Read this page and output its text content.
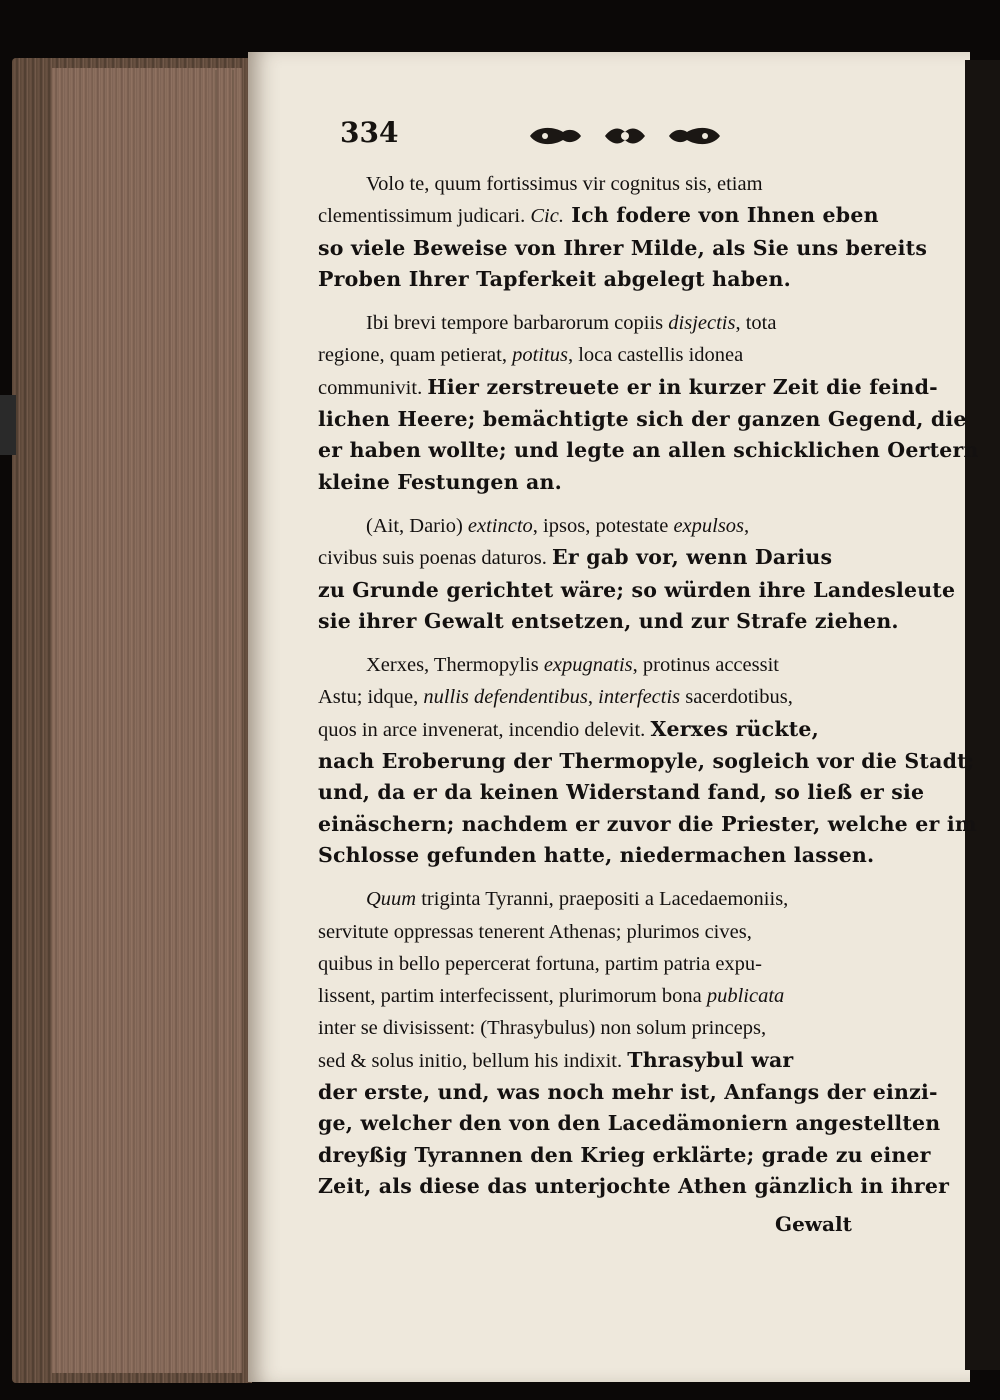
334
Volo te, quum fortissimus vir cognitus sis, etiam
clementissimum judicari. Cic. Ich fodere von Ihnen eben
so viele Beweise von Ihrer Milde, als Sie uns bereits
Proben Ihrer Tapferkeit abgelegt haben.
Ibi brevi tempore barbarorum copiis disjectis, tota
regione, quam petierat, potitus, loca castellis idonea
communivit. Hier zerstreuete er in kurzer Zeit die feind-
lichen Heere; bemächtigte sich der ganzen Gegend, die
er haben wollte; und legte an allen schicklichen Oertern
kleine Festungen an.
(Ait, Dario) extincto, ipsos, potestate expulsos,
civibus suis poenas daturos. Er gab vor, wenn Darius
zu Grunde gerichtet wäre; so würden ihre Landesleute
sie ihrer Gewalt entsetzen, und zur Strafe ziehen.
Xerxes, Thermopylis expugnatis, protinus accessit
Astu; idque, nullis defendentibus, interfectis sacerdotibus,
quos in arce invenerat, incendio delevit. Xerxes rückte,
nach Eroberung der Thermopyle, sogleich vor die Stadt;
und, da er da keinen Widerstand fand, so ließ er sie
einäschern; nachdem er zuvor die Priester, welche er im
Schlosse gefunden hatte, niedermachen lassen.
Quum triginta Tyranni, praepositi a Lacedaemoniis,
servitute oppressas tenerent Athenas; plurimos cives,
quibus in bello pepercerat fortuna, partim patria expu-
lissent, partim interfecissent, plurimorum bona publicata
inter se divisissent: (Thrasybulus) non solum princeps,
sed & solus initio, bellum his indixit. Thrasybul war
der erste, und, was noch mehr ist, Anfangs der einzi-
ge, welcher den von den Lacedämoniern angestellten
dreyßig Tyrannen den Krieg erklärte; grade zu einer
Zeit, als diese das unterjochte Athen gänzlich in ihrer
Gewalt
